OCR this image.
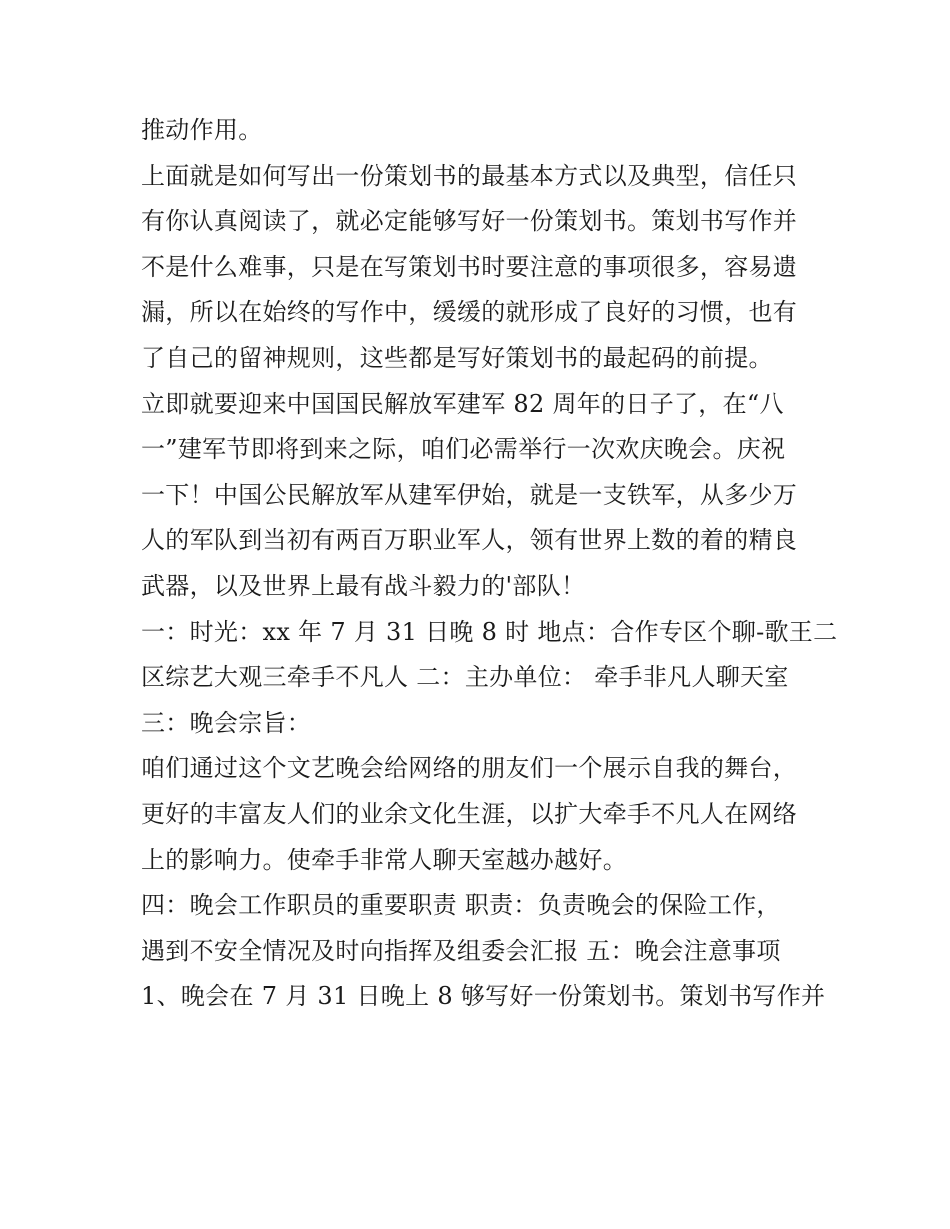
推动作用。
上面就是如何写出一份策划书的最基本方式以及典型，信任只
有你认真阅读了，就必定能够写好一份策划书。策划书写作并
不是什么难事，只是在写策划书时要注意的事项很多，容易遗
漏，所以在始终的写作中，缓缓的就形成了良好的习惯，也有
了自己的留神规则，这些都是写好策划书的最起码的前提。
立即就要迎来中国国民解放军建军 82 周年的日子了，在“八
一”建军节即将到来之际，咱们必需举行一次欢庆晚会。庆祝
一下！中国公民解放军从建军伊始，就是一支铁军，从多少万
人的军队到当初有两百万职业军人，领有世界上数的着的精良
武器，以及世界上最有战斗毅力的'部队！
一：时光：xx 年 7 月 31 日晚 8 时 地点：合作专区个聊-歌王二
区综艺大观三牵手不凡人 二：主办单位： 牵手非凡人聊天室
三：晚会宗旨：
咱们通过这个文艺晚会给网络的朋友们一个展示自我的舞台，
更好的丰富友人们的业余文化生涯，以扩大牵手不凡人在网络
上的影响力。使牵手非常人聊天室越办越好。
四：晚会工作职员的重要职责 职责：负责晚会的保险工作，
遇到不安全情况及时向指挥及组委会汇报 五：晚会注意事项
1、晚会在 7 月 31 日晚上 8 够写好一份策划书。策划书写作并
